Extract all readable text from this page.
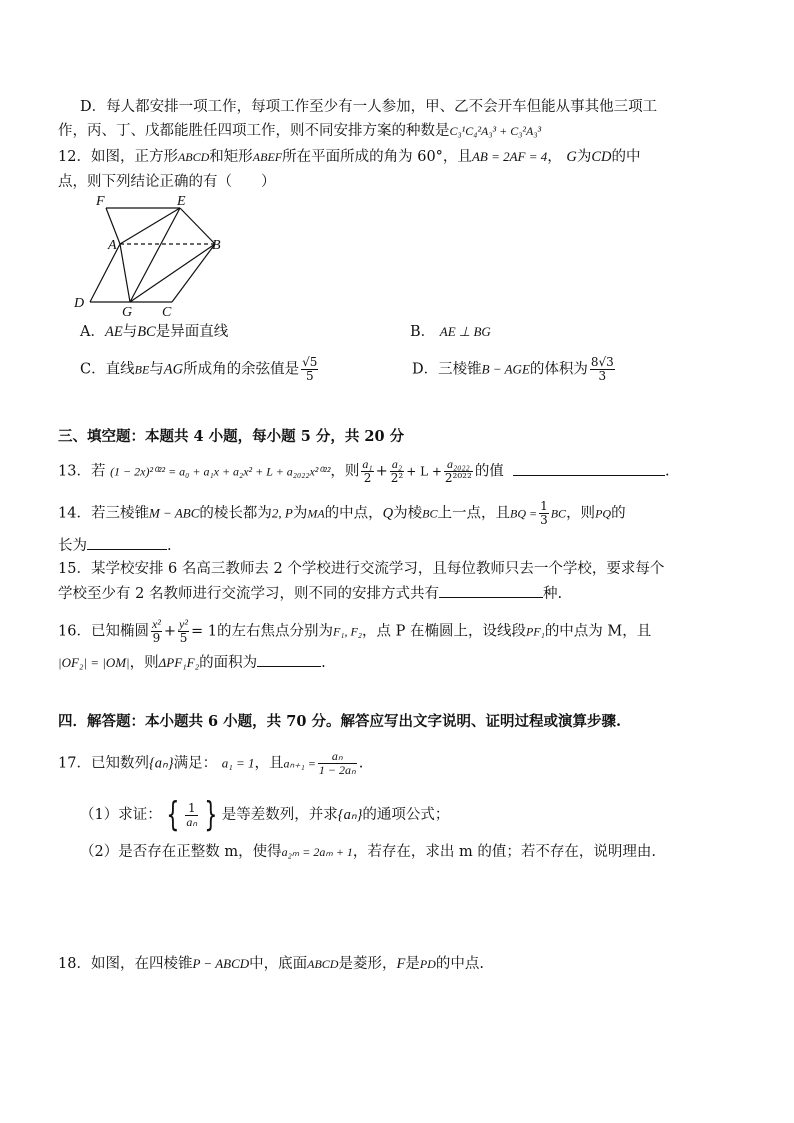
D．每人都安排一项工作，每项工作至少有一人参加，甲、乙不会开车但能从事其他三项工
作，丙、丁、戊都能胜任四项工作，则不同安排方案的种数是C₃¹C₄²A₃³ + C₃²A₃³
12．如图，正方形ABCD和矩形ABEF所在平面所成的角为 60°，且AB = 2AF = 4， G为CD的中
点，则下列结论正确的有（　　）
F	E
A	B
D
G C
A．AE与BC是异面直线	B． AE ⊥ BG
C．直线BE与AG所成角的余弦值是 $\frac{√5}{5}$	D．三棱锥B − AGE的体积为 $\frac{8√3}{3}$
三、填空题：本题共 4 小题，每小题 5 分，共 20 分
13．若 (1 − 2x)²⁰²² = a₀ + a₁x + a₂x² + L + a₂₀₂₂x²⁰²²，则 $\frac{\text{a₁}}{2} + \frac{\text{a₂}}{\text{2²}} + L + \frac{\text{a₂₀₂₂}}{\text{2²⁰²²}}$ 的值	.
14．若三棱锥M − ABC的棱长都为2, P为MA的中点，Q为棱BC上一点，且BQ = $\frac{1}{3}$ BC，则PQ的
长为	.
15．某学校安排 6 名高三教师去 2 个学校进行交流学习，且每位教师只去一个学校，要求每个
学校至少有 2 名教师进行交流学习，则不同的安排方式共有	种.
16．已知椭圆 $\frac{\text{x²}}{9} + \frac{\text{y²}}{5} = 1$的左右焦点分别为F₁, F₂，点 P 在椭圆上，设线段PF₁的中点为 M，且
|OF₂| = |OM|，则ΔPF₁F₂的面积为	.
四．解答题：本小题共 6 小题，共 70 分。解答应写出文字说明、证明过程或演算步骤.
17．已知数列{aₙ}满足： a₁ = 1，且$a_{n+1} = \frac{\text{aₙ}}{\text{1 − 2aₙ}}$ .
（1）求证： { $\frac{1}{\text{aₙ}}$ } 是等差数列，并求{aₙ}的通项公式；
（2）是否存在正整数 m，使得a₂ₘ = 2aₘ + 1，若存在，求出 m 的值；若不存在，说明理由.
18．如图，在四棱锥P − ABCD中，底面ABCD是菱形，F是PD的中点.
